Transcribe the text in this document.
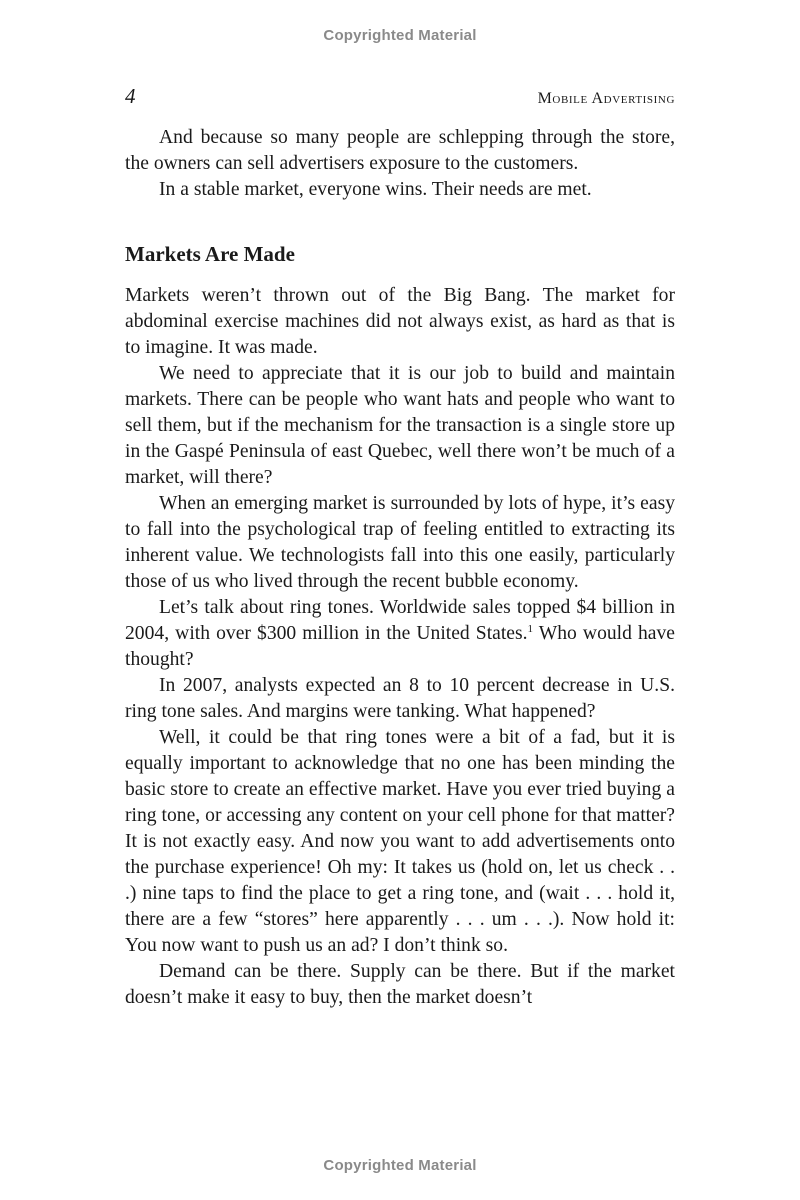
Copyrighted Material
4	Mobile Advertising

And because so many people are schlepping through the store, the owners can sell advertisers exposure to the customers.

In a stable market, everyone wins. Their needs are met.

Markets Are Made

Markets weren’t thrown out of the Big Bang. The market for abdominal exercise machines did not always exist, as hard as that is to imagine. It was made.

We need to appreciate that it is our job to build and maintain markets. There can be people who want hats and people who want to sell them, but if the mechanism for the transaction is a single store up in the Gaspé Peninsula of east Quebec, well there won’t be much of a market, will there?

When an emerging market is surrounded by lots of hype, it’s easy to fall into the psychological trap of feeling entitled to extracting its inherent value. We technologists fall into this one easily, particularly those of us who lived through the recent bubble economy.

Let’s talk about ring tones. Worldwide sales topped $4 billion in 2004, with over $300 million in the United States.$^1$ Who would have thought?

In 2007, analysts expected an 8 to 10 percent decrease in U.S. ring tone sales. And margins were tanking. What happened?

Well, it could be that ring tones were a bit of a fad, but it is equally important to acknowledge that no one has been minding the basic store to create an effective market. Have you ever tried buying a ring tone, or accessing any content on your cell phone for that matter? It is not exactly easy. And now you want to add advertisements onto the purchase experience! Oh my: It takes us (hold on, let us check . . .) nine taps to find the place to get a ring tone, and (wait . . . hold it, there are a few “stores” here apparently . . . um . . .). Now hold it: You now want to push us an ad? I don’t think so.

Demand can be there. Supply can be there. But if the market doesn’t make it easy to buy, then the market doesn’t

Copyrighted Material
